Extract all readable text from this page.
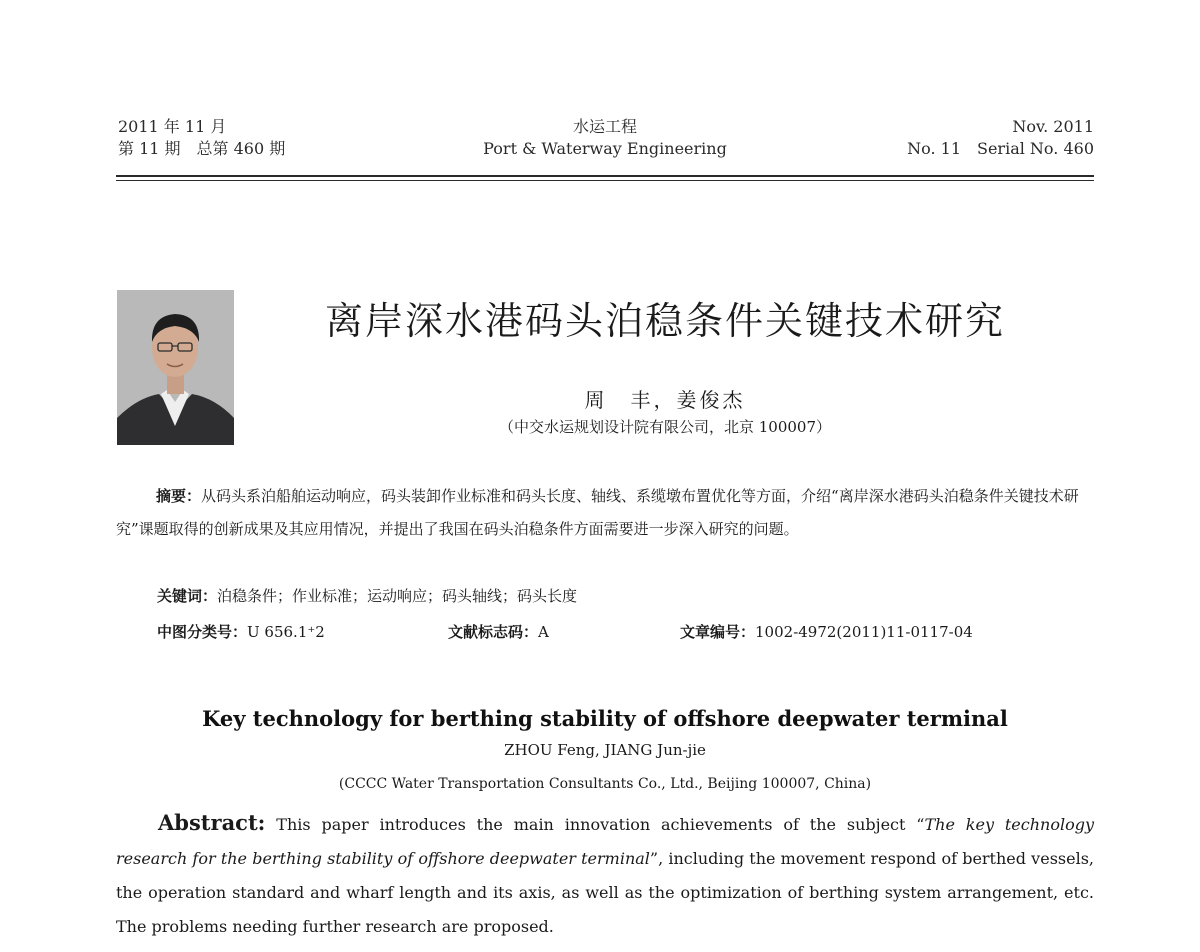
2011 年 11 月
第 11 期　总第 460 期
水运工程
Port & Waterway Engineering
Nov. 2011
No. 11　Serial No. 460
离岸深水港码头泊稳条件关键技术研究
周　丰，姜俊杰
（中交水运规划设计院有限公司，北京 100007）
摘要：从码头系泊船舶运动响应，码头装卸作业标准和码头长度、轴线、系缆墩布置优化等方面，介绍“离岸深水港码头泊稳条件关键技术研究”课题取得的创新成果及其应用情况，并提出了我国在码头泊稳条件方面需要进一步深入研究的问题。
关键词：泊稳条件；作业标准；运动响应；码头轴线；码头长度
中图分类号：U 656.1⁺2	文献标志码：A	文章编号：1002-4972(2011)11-0117-04
Key technology for berthing stability of offshore deepwater terminal
ZHOU Feng, JIANG Jun-jie
(CCCC Water Transportation Consultants Co., Ltd., Beijing 100007, China)
Abstract: This paper introduces the main innovation achievements of the subject “The key technology research for the berthing stability of offshore deepwater terminal”, including the movement respond of berthed vessels, the operation standard and wharf length and its axis, as well as the optimization of berthing system arrangement, etc. The problems needing further research are proposed.
